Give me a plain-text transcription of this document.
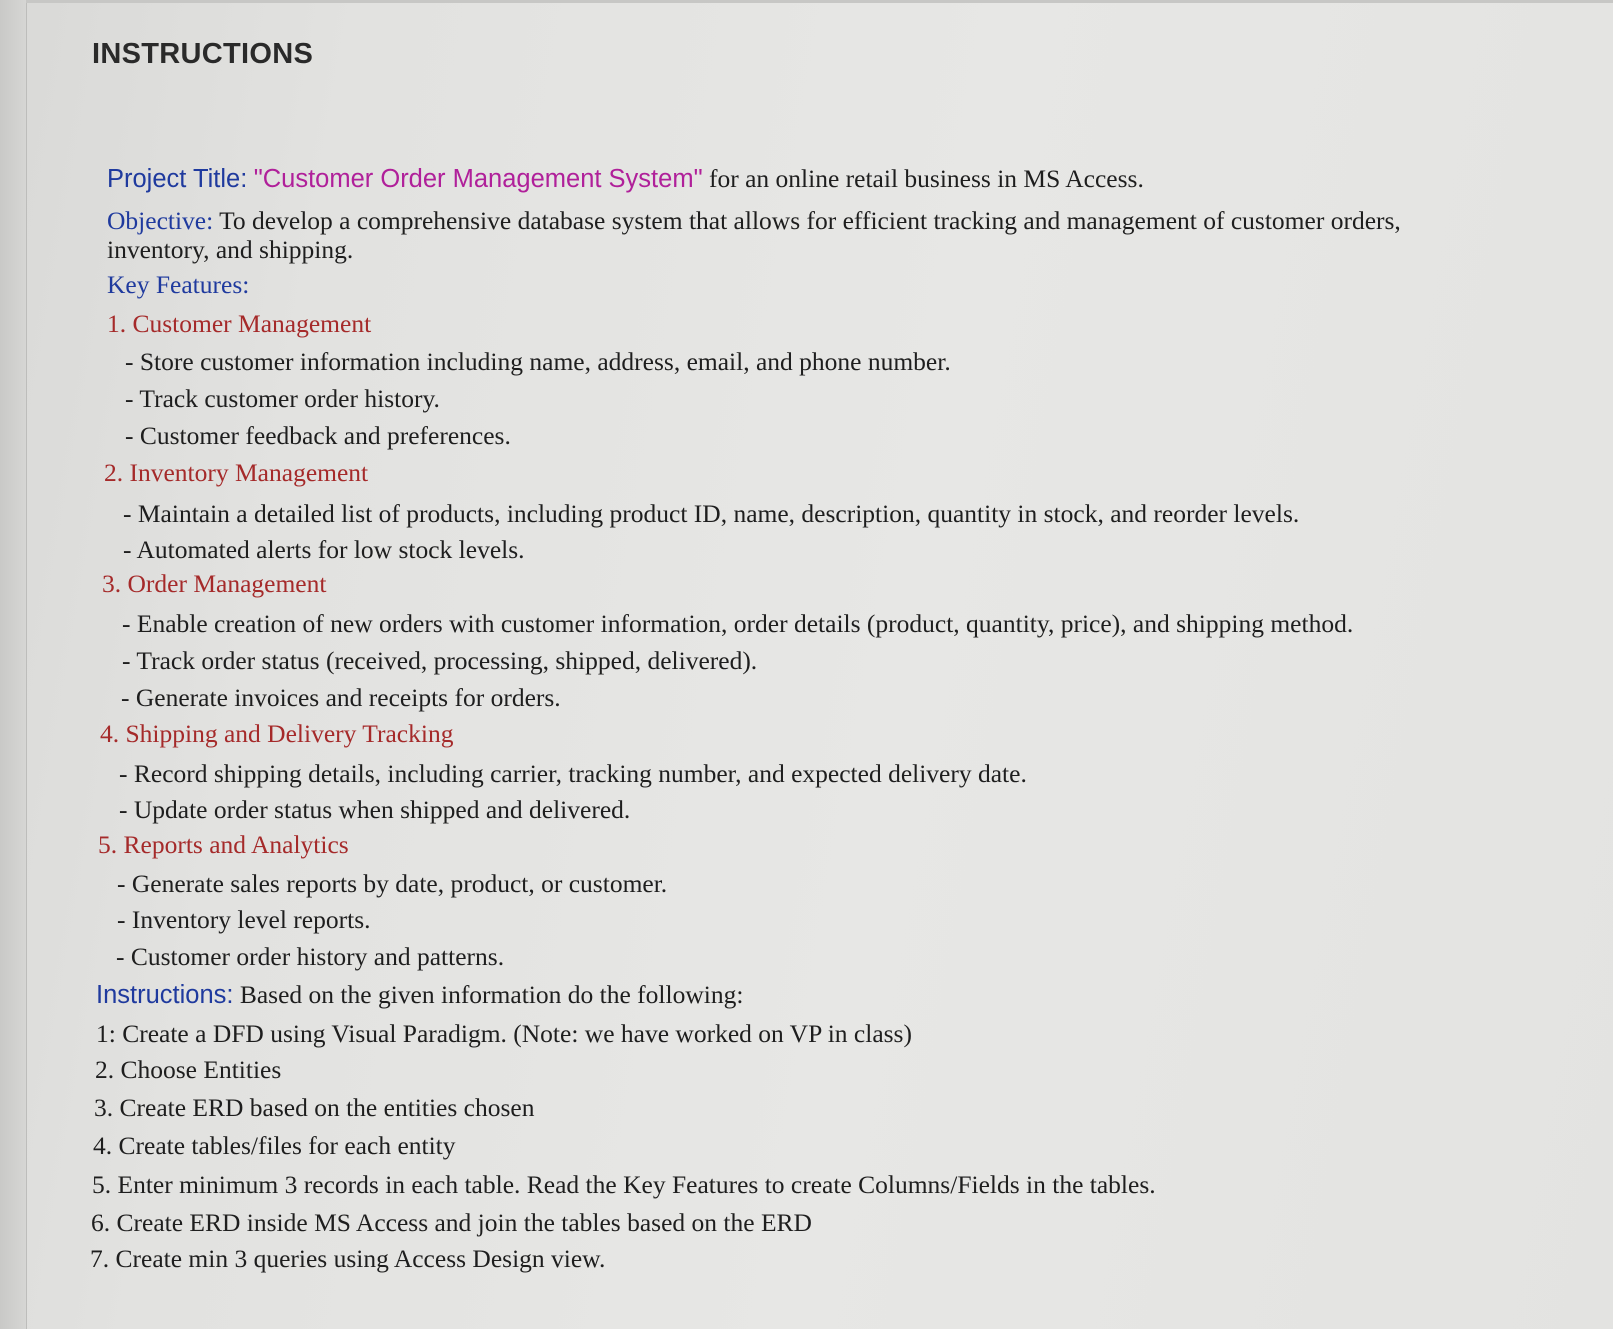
INSTRUCTIONS
Project Title: "Customer Order Management System" for an online retail business in MS Access.
Objective: To develop a comprehensive database system that allows for efficient tracking and management of customer orders,
inventory, and shipping.
Key Features:
1. Customer Management
- Store customer information including name, address, email, and phone number.
- Track customer order history.
- Customer feedback and preferences.
2. Inventory Management
- Maintain a detailed list of products, including product ID, name, description, quantity in stock, and reorder levels.
- Automated alerts for low stock levels.
3. Order Management
- Enable creation of new orders with customer information, order details (product, quantity, price), and shipping method.
- Track order status (received, processing, shipped, delivered).
- Generate invoices and receipts for orders.
4. Shipping and Delivery Tracking
- Record shipping details, including carrier, tracking number, and expected delivery date.
- Update order status when shipped and delivered.
5. Reports and Analytics
- Generate sales reports by date, product, or customer.
- Inventory level reports.
- Customer order history and patterns.
Instructions: Based on the given information do the following:
1: Create a DFD using Visual Paradigm. (Note: we have worked on VP in class)
2. Choose Entities
3. Create ERD based on the entities chosen
4. Create tables/files for each entity
5. Enter minimum 3 records in each table. Read the Key Features to create Columns/Fields in the tables.
6. Create ERD inside MS Access and join the tables based on the ERD
7. Create min 3 queries using Access Design view.
